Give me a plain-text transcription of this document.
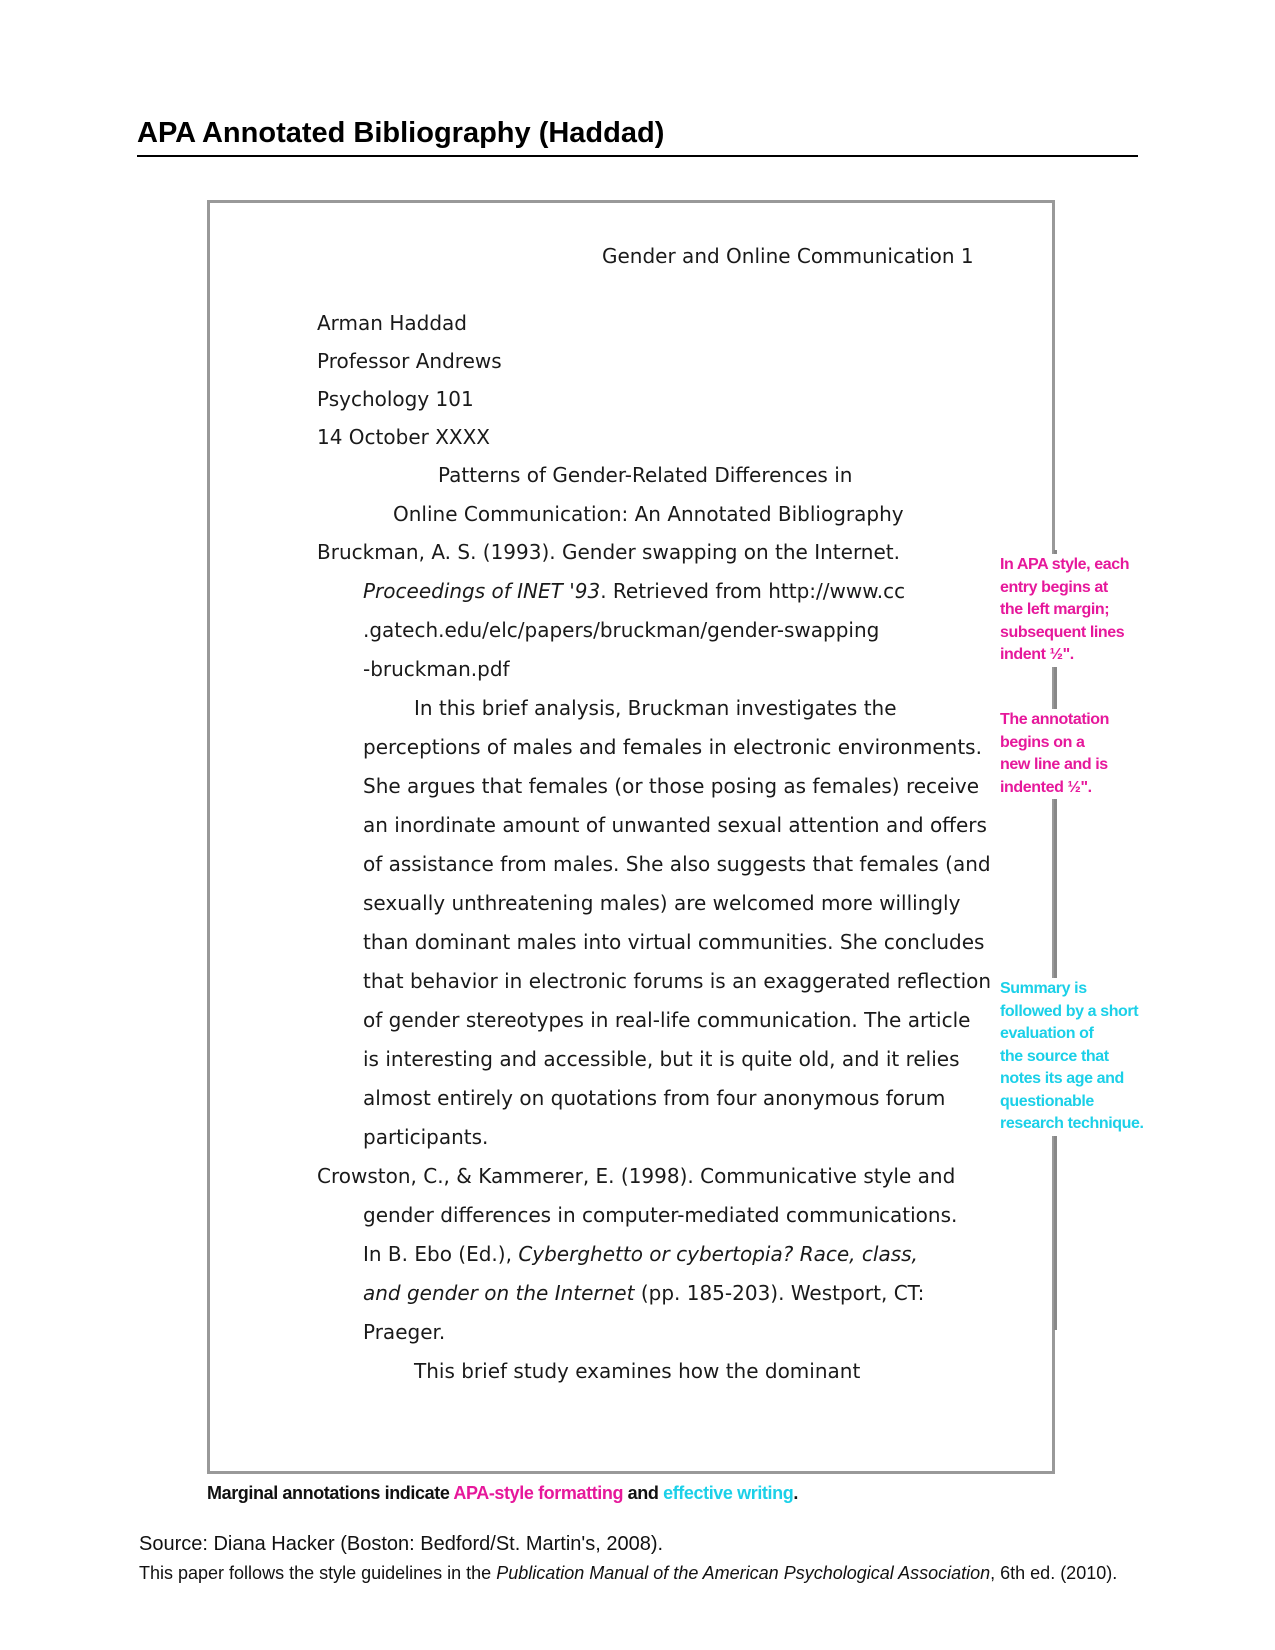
APA Annotated Bibliography (Haddad)
Gender and Online Communication 1
Arman Haddad
Professor Andrews
Psychology 101
14 October XXXX
Patterns of Gender-Related Differences in
Online Communication: An Annotated Bibliography
Bruckman, A. S. (1993). Gender swapping on the Internet.
Proceedings of INET '93. Retrieved from http://www.cc
.gatech.edu/elc/papers/bruckman/gender-swapping
-bruckman.pdf
In this brief analysis, Bruckman investigates the
perceptions of males and females in electronic environments.
She argues that females (or those posing as females) receive
an inordinate amount of unwanted sexual attention and offers
of assistance from males. She also suggests that females (and
sexually unthreatening males) are welcomed more willingly
than dominant males into virtual communities. She concludes
that behavior in electronic forums is an exaggerated reflection
of gender stereotypes in real-life communication. The article
is interesting and accessible, but it is quite old, and it relies
almost entirely on quotations from four anonymous forum
participants.
Crowston, C., & Kammerer, E. (1998). Communicative style and
gender differences in computer-mediated communications.
In B. Ebo (Ed.), Cyberghetto or cybertopia? Race, class,
and gender on the Internet (pp. 185-203). Westport, CT:
Praeger.
This brief study examines how the dominant
In APA style, each
entry begins at
the left margin;
subsequent lines
indent ½".
The annotation
begins on a
new line and is
indented ½".
Summary is
followed by a short
evaluation of
the source that
notes its age and
questionable
research technique.
Marginal annotations indicate APA-style formatting and effective writing.
Source: Diana Hacker (Boston: Bedford/St. Martin's, 2008).
This paper follows the style guidelines in the Publication Manual of the American Psychological Association, 6th ed. (2010).
